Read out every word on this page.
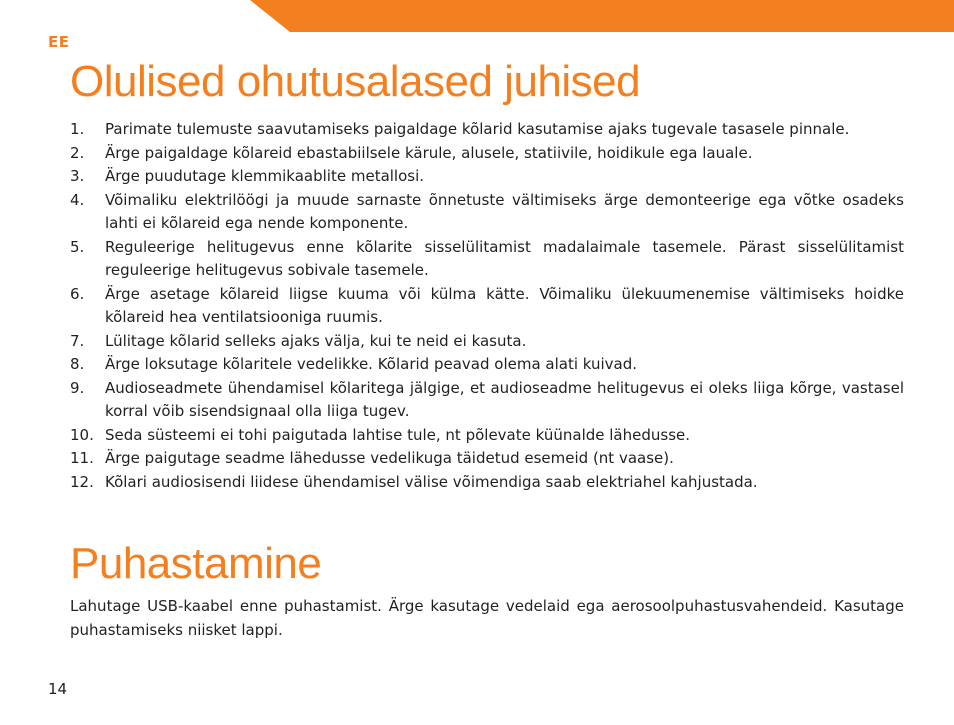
EE
Olulised ohutusalased juhised
1.	Parimate tulemuste saavutamiseks paigaldage kõlarid kasutamise ajaks tugevale tasasele pinnale.
2.	Ärge paigaldage kõlareid ebastabiilsele kärule, alusele, statiivile, hoidikule ega lauale.
3.	Ärge puudutage klemmikaablite metallosi.
4.	Võimaliku elektrilöögi ja muude sarnaste õnnetuste vältimiseks ärge demonteerige ega võtke osadeks lahti ei kõlareid ega nende komponente.
5.	Reguleerige helitugevus enne kõlarite sisselülitamist madalaimale tasemele. Pärast sisselülitamist reguleerige helitugevus sobivale tasemele.
6.	Ärge asetage kõlareid liigse kuuma või külma kätte. Võimaliku ülekuumenemise vältimiseks hoidke kõlareid hea ventilatsiooniga ruumis.
7.	Lülitage kõlarid selleks ajaks välja, kui te neid ei kasuta.
8.	Ärge loksutage kõlaritele vedelikke. Kõlarid peavad olema alati kuivad.
9.	Audioseadmete ühendamisel kõlaritega jälgige, et audioseadme helitugevus ei oleks liiga kõrge, vastasel korral võib sisendsignaal olla liiga tugev.
10. Seda süsteemi ei tohi paigutada lahtise tule, nt põlevate küünalde lähedusse.
11. Ärge paigutage seadme lähedusse vedelikuga täidetud esemeid (nt vaase).
12. Kõlari audiosisendi liidese ühendamisel välise võimendiga saab elektriahel kahjustada.
Puhastamine

Lahutage USB-kaabel enne puhastamist. Ärge kasutage vedelaid ega aerosoolpuhastusvahendeid. Kasutage puhastamiseks niisket lappi.

14
